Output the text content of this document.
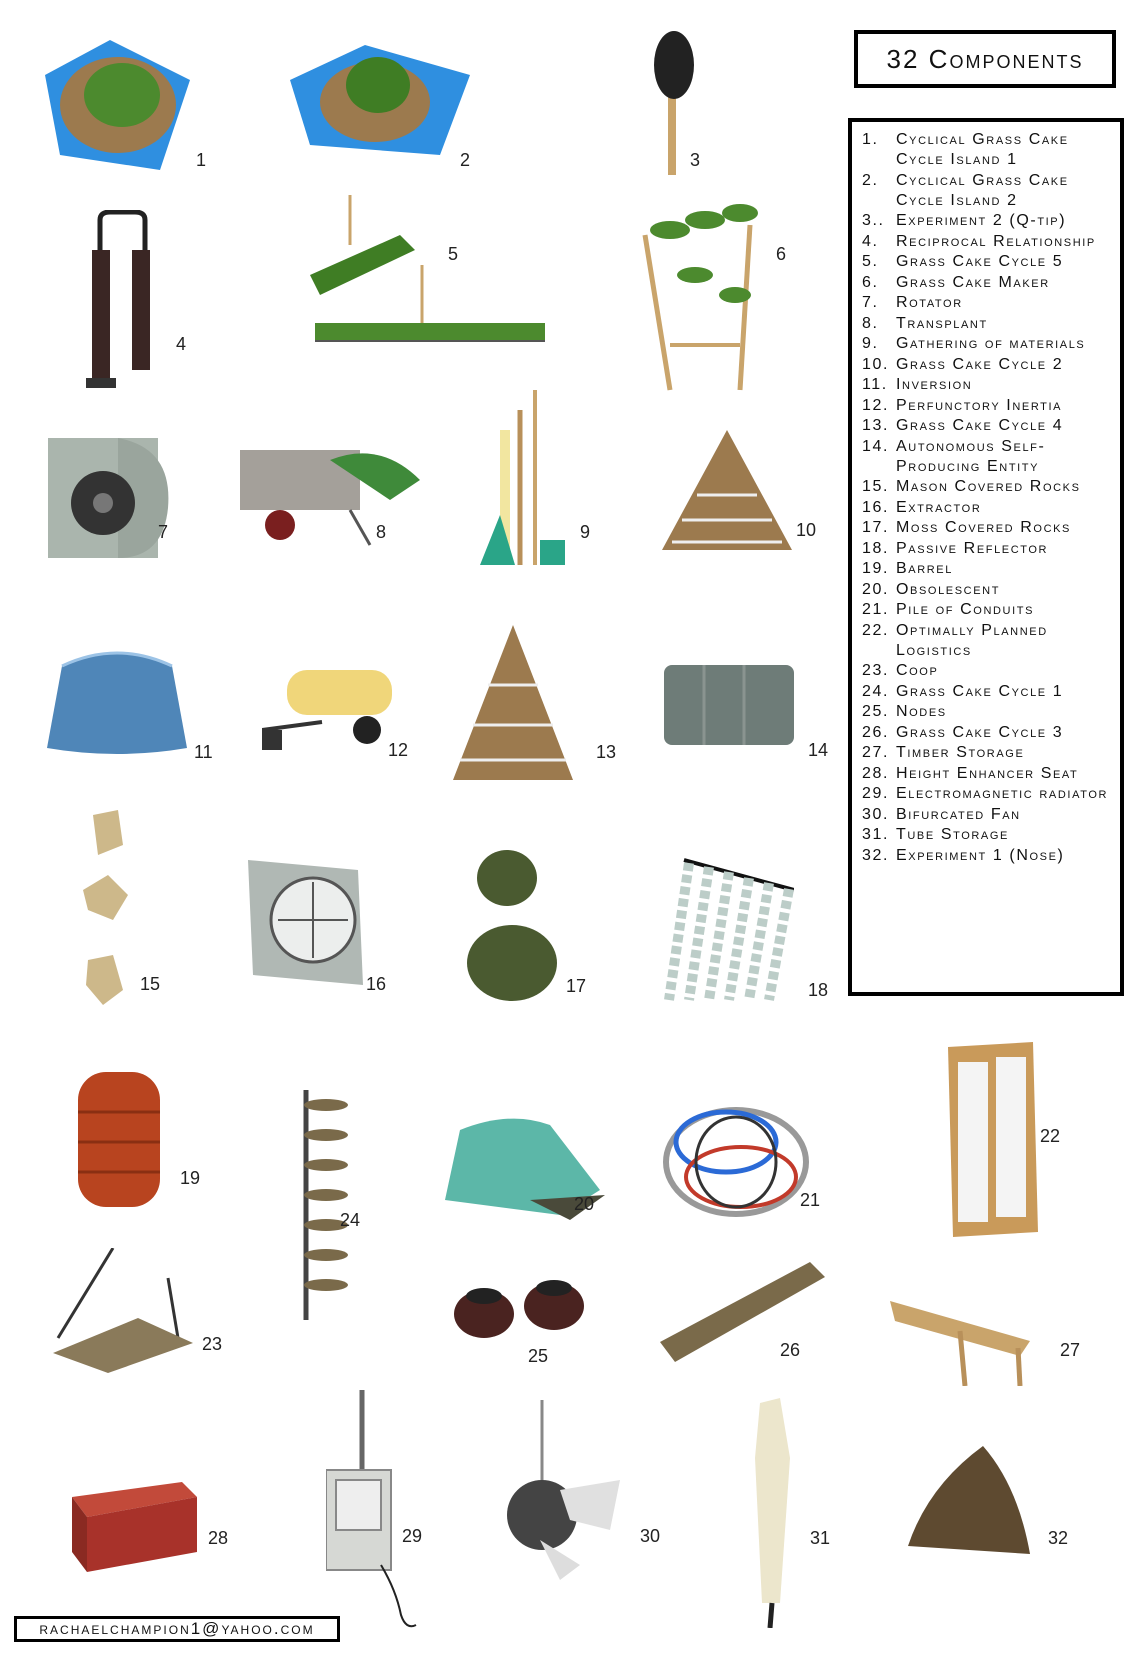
32 Components
1.	Cyclical Grass Cake Cycle Island 1
2.	Cyclical Grass Cake Cycle Island 2
3.. Experiment 2 (Q-tip)
4.	Reciprocal Relationship
5.	Grass Cake Cycle 5
6.	Grass Cake Maker
7.	Rotator
8.	Transplant
9.	Gathering of materials
10. Grass Cake Cycle 2
11. Inversion
12. Perfunctory Inertia
13. Grass Cake Cycle 4
14. Autonomous Self-Producing Entity
15. Mason Covered Rocks
16. Extractor
17. Moss Covered Rocks
18. Passive Reflector
19. Barrel
20. Obsolescent
21. Pile of Conduits
22. Optimally Planned Logistics
23. Coop
24. Grass Cake Cycle 1
25. Nodes
26. Grass Cake Cycle 3
27. Timber Storage
28. Height Enhancer Seat
29. Electromagnetic radiator
30. Bifurcated Fan
31. Tube Storage
32. Experiment 1 (Nose)
1	2	3
4
5	6
7	8	9	10
11	12	13	14
15	16	17	18
19
20	21
22
23
24
25	26	27
28	29	30	31	32
rachaelchampion1@yahoo.com
